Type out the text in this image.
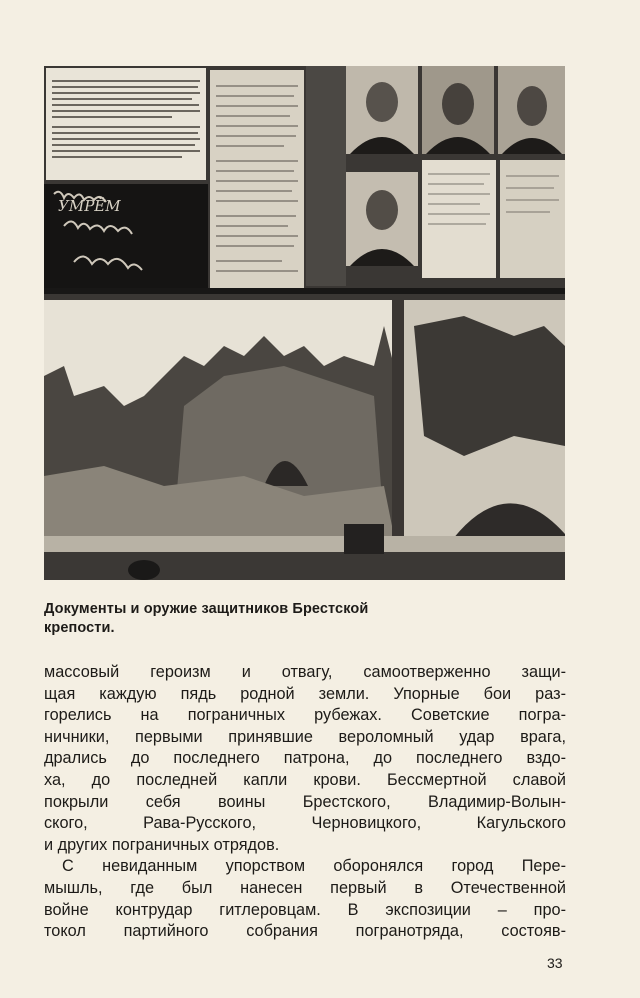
УМРЁМ
Документы и оружие защитников Брестской
крепости.
массовый героизм и отвагу, самоотверженно защи-
щая каждую пядь родной земли. Упорные бои раз-
горелись на пограничных рубежах. Советские погра-
ничники, первыми принявшие вероломный удар врага,
дрались до последнего патрона, до последнего вздо-
ха, до последней капли крови. Бессмертной славой
покрыли себя воины Брестского, Владимир-Волын-
ского, Рава-Русского, Черновицкого, Кагульского
и других пограничных отрядов.
С невиданным упорством оборонялся город Пере-
мышль, где был нанесен первый в Отечественной
войне контрудар гитлеровцам. В экспозиции – про-
токол партийного собрания погранотряда, состояв-
33
